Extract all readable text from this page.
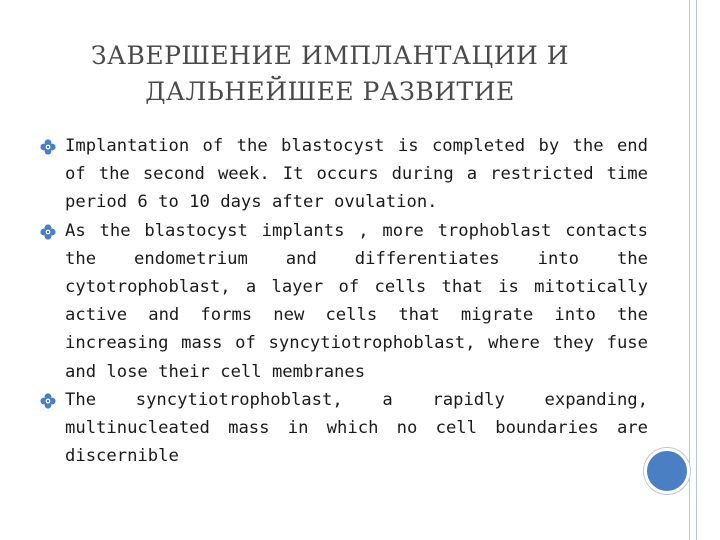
ЗАВЕРШЕНИЕ ИМПЛАНТАЦИИ И
ДАЛЬНЕЙШЕЕ РАЗВИТИЕ
Implantation of the blastocyst is completed by the end of the second week. It occurs during a restricted time period 6 to 10 days after ovulation.
As the blastocyst implants , more trophoblast contacts the endometrium and differentiates into the cytotrophoblast, a layer of cells that is mitotically active and forms new cells that migrate into the increasing mass of syncytiotrophoblast, where they fuse and lose their cell membranes
The syncytiotrophoblast, a rapidly expanding, multinucleated mass in which no cell boundaries are discernible
